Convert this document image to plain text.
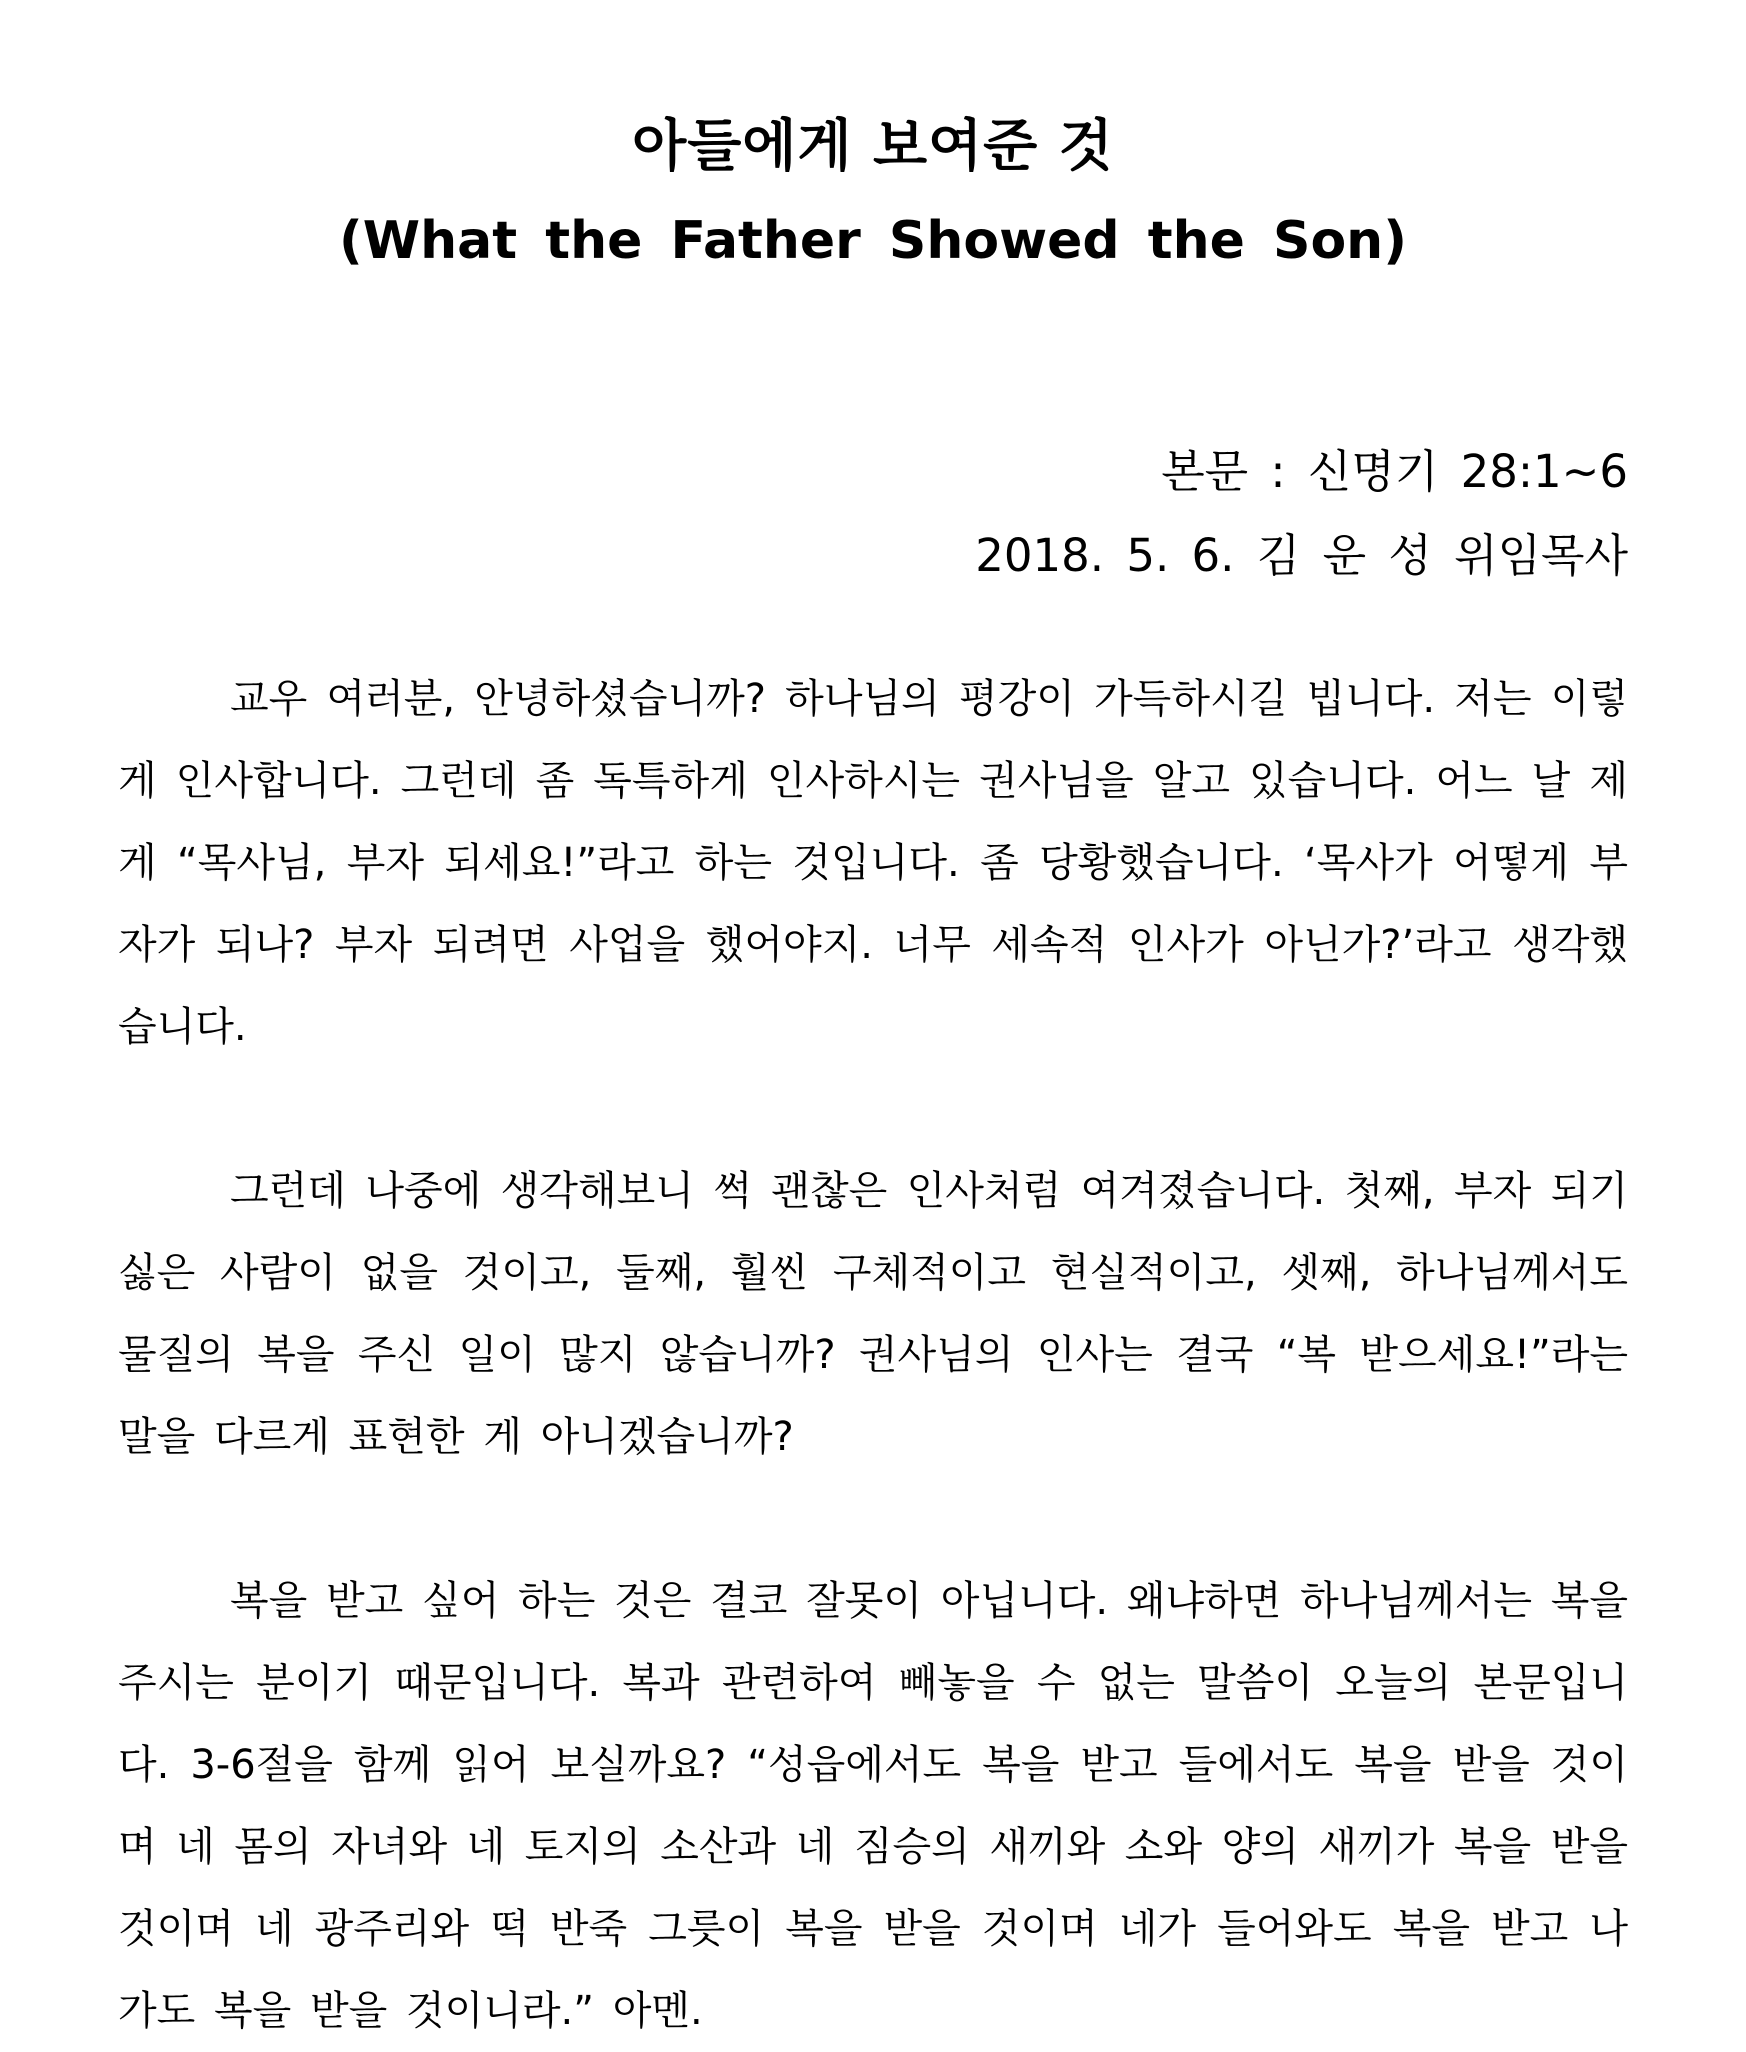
아들에게 보여준 것
(What the Father Showed the Son)
본문 : 신명기 28:1~6
2018. 5. 6. 김 운 성 위임목사

교우 여러분, 안녕하셨습니까? 하나님의 평강이 가득하시길 빕니다. 저는 이렇게 인사합니다. 그런데 좀 독특하게 인사하시는 권사님을 알고 있습니다. 어느 날 제게 “목사님, 부자 되세요!”라고 하는 것입니다. 좀 당황했습니다. ‘목사가 어떻게 부자가 되나? 부자 되려면 사업을 했어야지. 너무 세속적 인사가 아닌가?’라고 생각했습니다.

그런데 나중에 생각해보니 썩 괜찮은 인사처럼 여겨졌습니다. 첫째, 부자 되기 싫은 사람이 없을 것이고, 둘째, 훨씬 구체적이고 현실적이고, 셋째, 하나님께서도 물질의 복을 주신 일이 많지 않습니까? 권사님의 인사는 결국 “복 받으세요!”라는 말을 다르게 표현한 게 아니겠습니까?

복을 받고 싶어 하는 것은 결코 잘못이 아닙니다. 왜냐하면 하나님께서는 복을 주시는 분이기 때문입니다. 복과 관련하여 빼놓을 수 없는 말씀이 오늘의 본문입니다. 3-6절을 함께 읽어 보실까요? “성읍에서도 복을 받고 들에서도 복을 받을 것이며 네 몸의 자녀와 네 토지의 소산과 네 짐승의 새끼와 소와 양의 새끼가 복을 받을 것이며 네 광주리와 떡 반죽 그릇이 복을 받을 것이며 네가 들어와도 복을 받고 나가도 복을 받을 것이니라.” 아멘.
